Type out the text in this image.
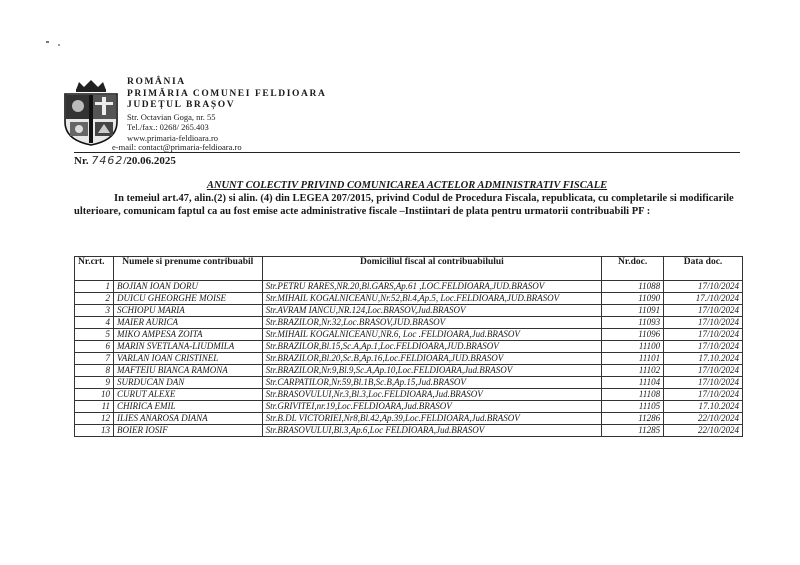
ROMÂNIA
PRIMĂRIA COMUNEI FELDIOARA
JUDEȚUL BRAȘOV
Str. Octavian Goga, nr. 55
Tel./fax.: 0268/ 265.403
www.primaria-feldioara.ro
e-mail: contact@primaria-feldioara.ro
Nr. 7462/20.06.2025
ANUNT COLECTIV PRIVIND COMUNICAREA ACTELOR ADMINISTRATIV FISCALE
In temeiul art.47, alin.(2) si alin. (4) din LEGEA 207/2015, privind Codul de Procedura Fiscala, republicata, cu completarile si modificarile ulterioare, comunicam faptul ca au fost emise acte administrative fiscale –Instiintari de plata pentru urmatorii contribuabili PF :
Nr.crt.	Numele si prenume contribuabil	Domiciliul fiscal al contribuabilului	Nr.doc.	Data doc.
1	BOJIAN IOAN DORU	Str.PETRU RARES,NR.20,Bl.GARS,Ap.61 ,LOC.FELDIOARA,JUD.BRASOV	11088	17/10/2024
2	DUICU GHEORGHE MOISE	Str.MIHAIL KOGALNICEANU,Nr.52,Bl.4,Ap.5, Loc.FELDIOARA,JUD.BRASOV	11090	17./10/2024
3	SCHIOPU MARIA	Str.AVRAM IANCU,NR.124,Loc.BRASOV,Jud.BRASOV	11091	17/10/2024
4	MAIER AURICA	Str.BRAZILOR,Nr.32,Loc.BRASOV,JUD.BRASOV	11093	17/10/2024
5	MIKO AMPESA ZOITA	Str.MIHAIL KOGALNICEANU,NR.6, Loc .FELDIOARA,Jud.BRASOV	11096	17/10/2024
6	MARIN SVETLANA-LIUDMILA	Str.BRAZILOR,Bl.15,Sc.A,Ap.1,Loc.FELDIOARA,JUD.BRASOV	11100	17/10/2024
7	VARLAN IOAN CRISTINEL	Str.BRAZILOR,Bl.20,Sc.B,Ap.16,Loc.FELDIOARA,JUD.BRASOV	11101	17.10.2024
8	MAFTEIU BIANCA RAMONA	Str.BRAZILOR,Nr.9,Bl.9,Sc.A,Ap.10,Loc.FELDIOARA,Jud.BRASOV	11102	17/10/2024
9	SURDUCAN DAN	Str.CARPATILOR,Nr.59,Bl.1B,Sc.B,Ap.15,Jud.BRASOV	11104	17/10/2024
10	CURUT ALEXE	Str.BRASOVULUI,Nr.3,Bl.3,Loc.FELDIOARA,Jud.BRASOV	11108	17/10/2024
11	CHIRICA EMIL	Str.GRIVITEI,nr.19,Loc.FELDIOARA,Jud.BRASOV	11105	17.10.2024
12	ILIES ANAROSA DIANA	Str.B.DL VICTORIEI,Nr8,Bl.42,Ap.39,Loc.FELDIOARA,Jud.BRASOV	11286	22/10/2024
13	BOIER IOSIF	Str.BRASOVULUI,Bl.3,Ap.6,Loc FELDIOARA,Jud.BRASOV	11285	22/10/2024
